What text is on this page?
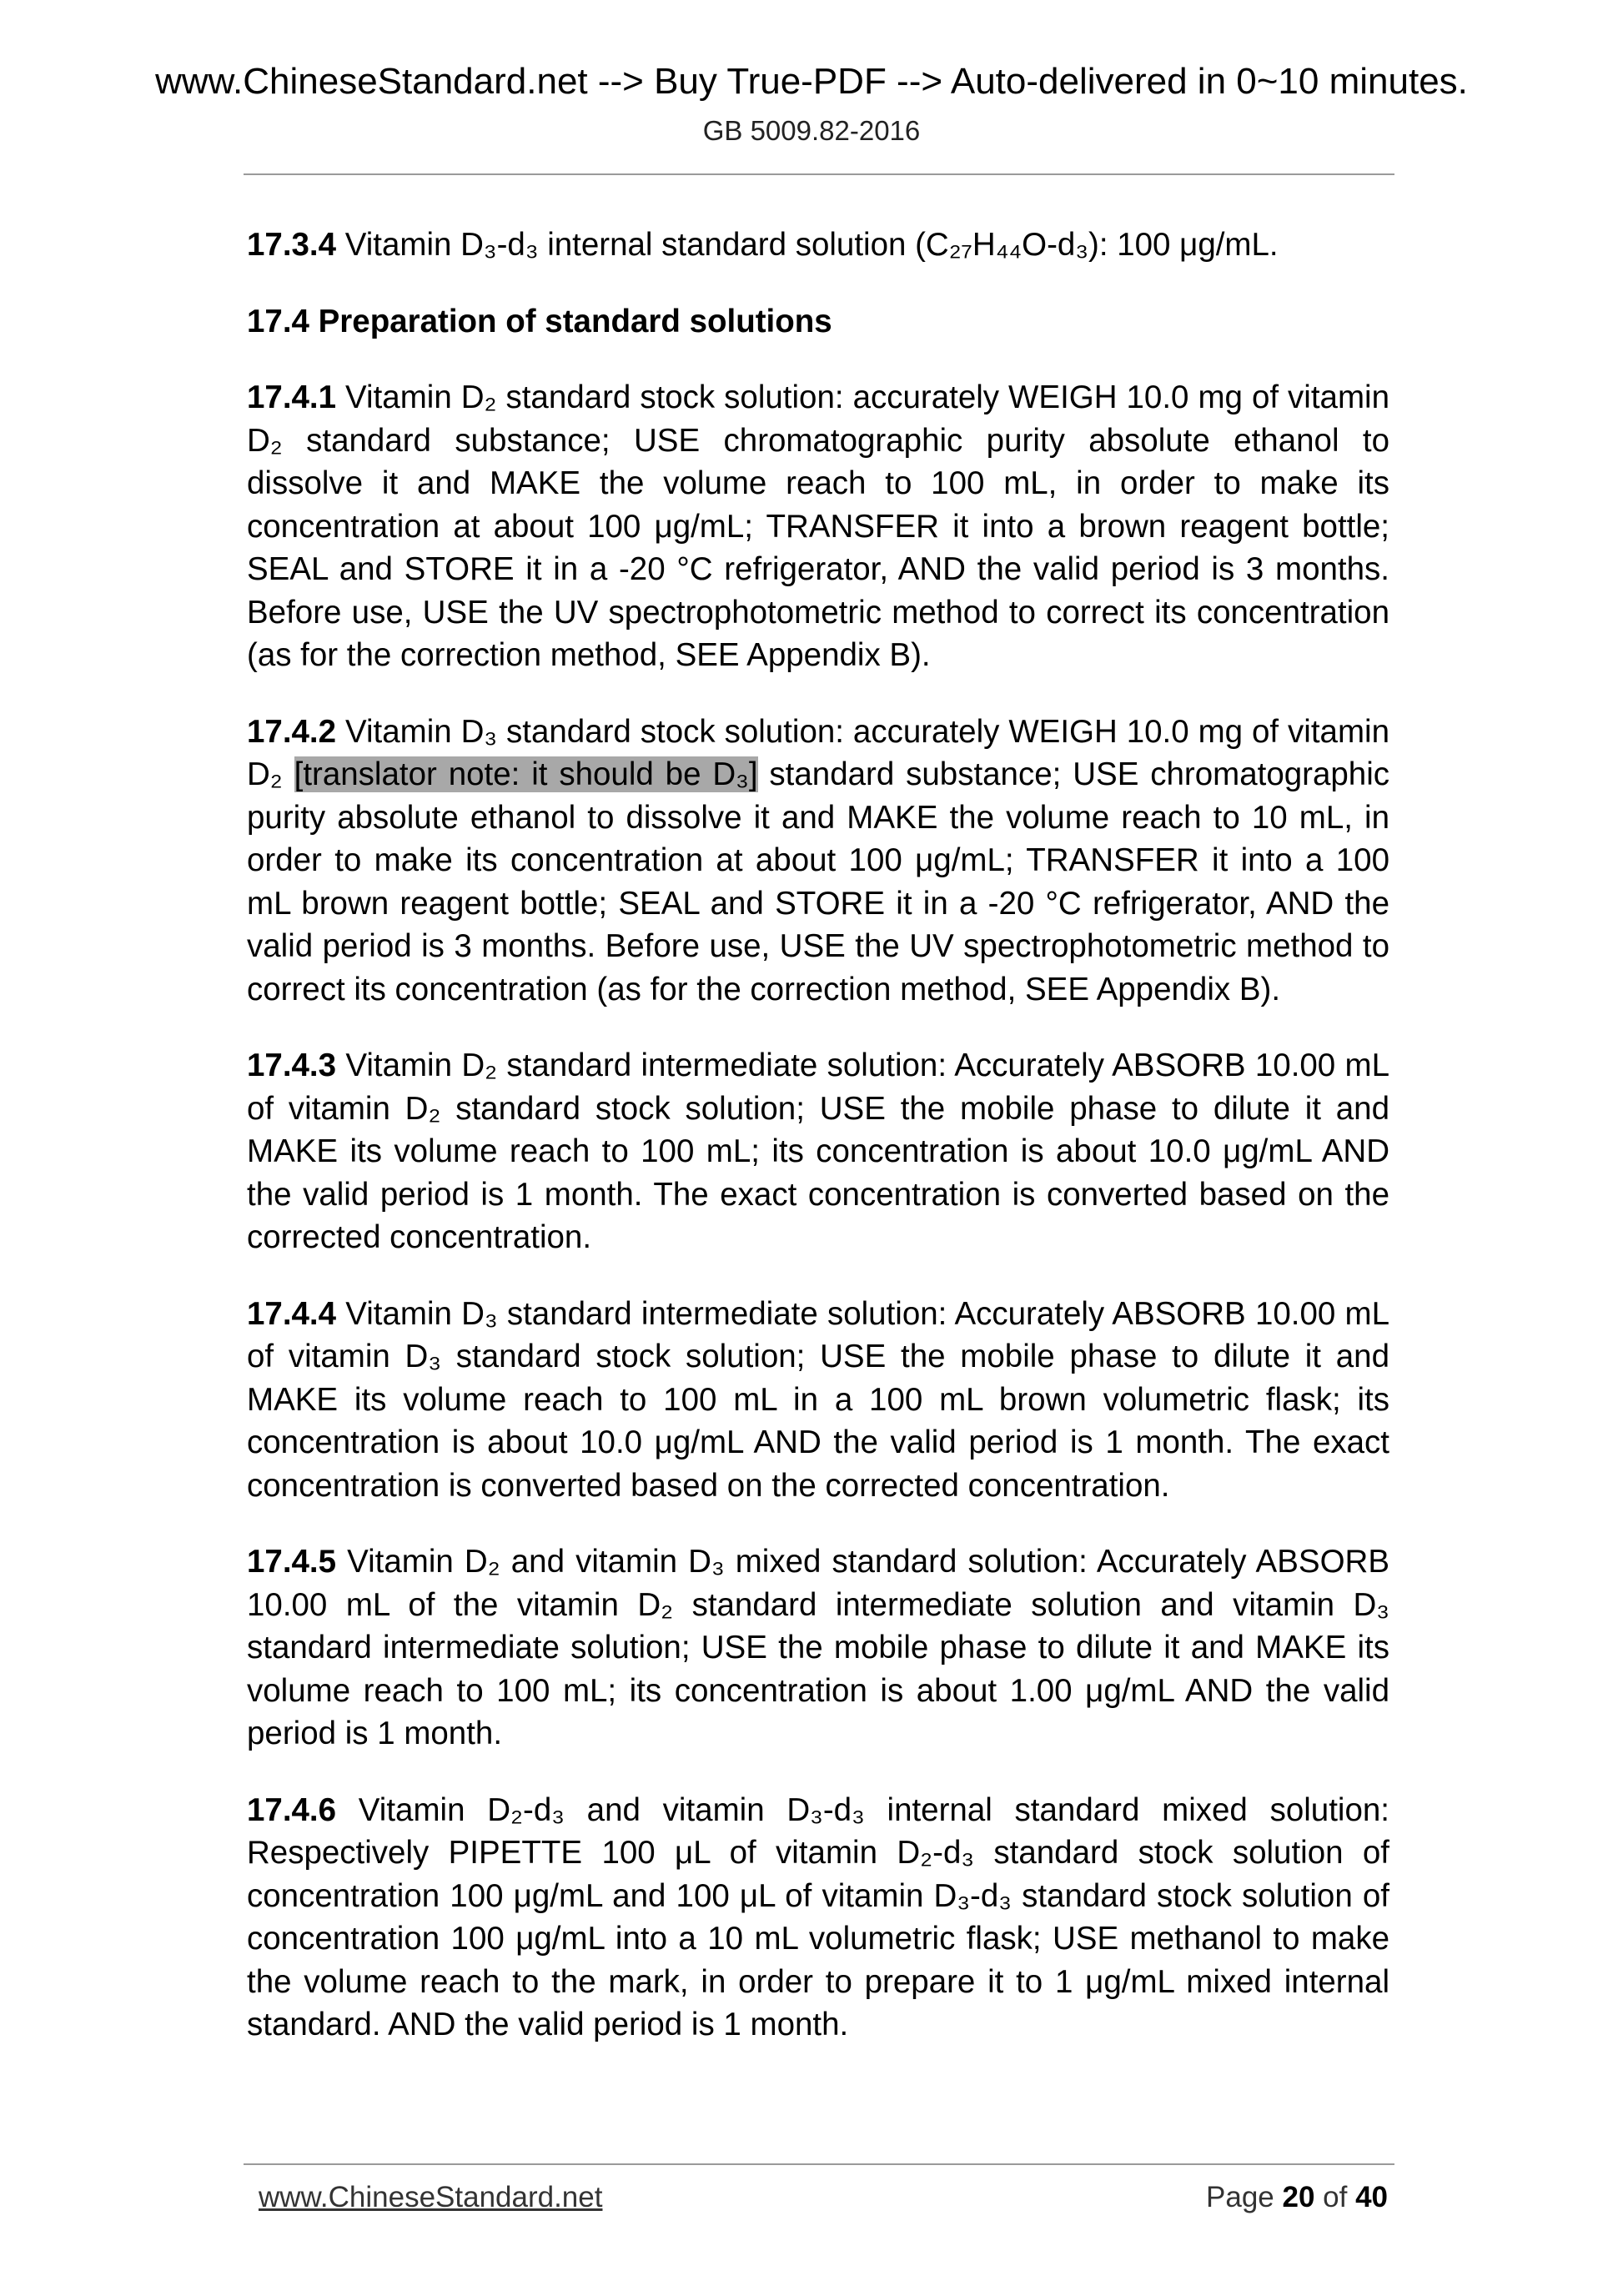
www.ChineseStandard.net --> Buy True-PDF --> Auto-delivered in 0~10 minutes.
GB 5009.82-2016

17.3.4 Vitamin D₃-d₃ internal standard solution (C₂₇H₄₄O-d₃): 100 μg/mL.

17.4 Preparation of standard solutions

17.4.1 Vitamin D₂ standard stock solution: accurately WEIGH 10.0 mg of vitamin D₂ standard substance; USE chromatographic purity absolute ethanol to dissolve it and MAKE the volume reach to 100 mL, in order to make its concentration at about 100 μg/mL; TRANSFER it into a brown reagent bottle; SEAL and STORE it in a -20 °C refrigerator, AND the valid period is 3 months. Before use, USE the UV spectrophotometric method to correct its concentration (as for the correction method, SEE Appendix B).

17.4.2 Vitamin D₃ standard stock solution: accurately WEIGH 10.0 mg of vitamin D₂ [translator note: it should be D₃] standard substance; USE chromatographic purity absolute ethanol to dissolve it and MAKE the volume reach to 10 mL, in order to make its concentration at about 100 μg/mL; TRANSFER it into a 100 mL brown reagent bottle; SEAL and STORE it in a -20 °C refrigerator, AND the valid period is 3 months. Before use, USE the UV spectrophotometric method to correct its concentration (as for the correction method, SEE Appendix B).

17.4.3 Vitamin D₂ standard intermediate solution: Accurately ABSORB 10.00 mL of vitamin D₂ standard stock solution; USE the mobile phase to dilute it and MAKE its volume reach to 100 mL; its concentration is about 10.0 μg/mL AND the valid period is 1 month. The exact concentration is converted based on the corrected concentration.

17.4.4 Vitamin D₃ standard intermediate solution: Accurately ABSORB 10.00 mL of vitamin D₃ standard stock solution; USE the mobile phase to dilute it and MAKE its volume reach to 100 mL in a 100 mL brown volumetric flask; its concentration is about 10.0 μg/mL AND the valid period is 1 month. The exact concentration is converted based on the corrected concentration.

17.4.5 Vitamin D₂ and vitamin D₃ mixed standard solution: Accurately ABSORB 10.00 mL of the vitamin D₂ standard intermediate solution and vitamin D₃ standard intermediate solution; USE the mobile phase to dilute it and MAKE its volume reach to 100 mL; its concentration is about 1.00 μg/mL AND the valid period is 1 month.

17.4.6 Vitamin D₂-d₃ and vitamin D₃-d₃ internal standard mixed solution: Respectively PIPETTE 100 μL of vitamin D₂-d₃ standard stock solution of concentration 100 μg/mL and 100 μL of vitamin D₃-d₃ standard stock solution of concentration 100 μg/mL into a 10 mL volumetric flask; USE methanol to make the volume reach to the mark, in order to prepare it to 1 μg/mL mixed internal standard. AND the valid period is 1 month.

www.ChineseStandard.net	Page 20 of 40
